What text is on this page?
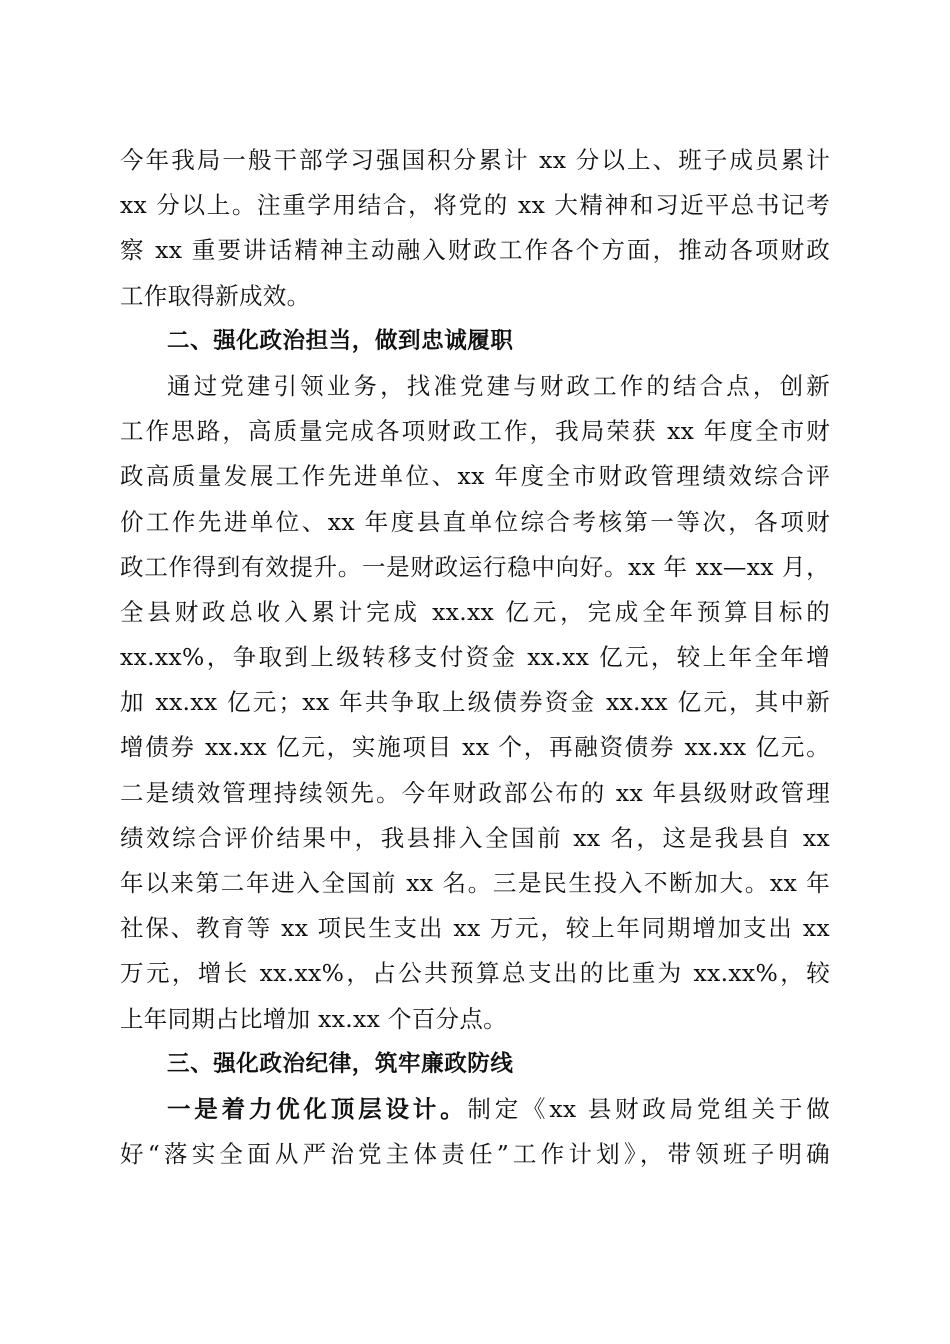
今年我局一般干部学习强国积分累计 xx 分以上、班子成员累计
xx 分以上。注重学用结合，将党的 xx 大精神和习近平总书记考
察 xx 重要讲话精神主动融入财政工作各个方面，推动各项财政
工作取得新成效。
二、强化政治担当，做到忠诚履职
通过党建引领业务，找准党建与财政工作的结合点，创新
工作思路，高质量完成各项财政工作，我局荣获 xx 年度全市财
政高质量发展工作先进单位、xx 年度全市财政管理绩效综合评
价工作先进单位、xx 年度县直单位综合考核第一等次，各项财
政工作得到有效提升。一是财政运行稳中向好。xx 年 xx—xx 月，
全县财政总收入累计完成 xx.xx 亿元，完成全年预算目标的
xx.xx%，争取到上级转移支付资金 xx.xx 亿元，较上年全年增
加 xx.xx 亿元；xx 年共争取上级债券资金 xx.xx 亿元，其中新
增债券 xx.xx 亿元，实施项目 xx 个，再融资债券 xx.xx 亿元。
二是绩效管理持续领先。今年财政部公布的 xx 年县级财政管理
绩效综合评价结果中，我县排入全国前 xx 名，这是我县自 xx
年以来第二年进入全国前 xx 名。三是民生投入不断加大。xx 年
社保、教育等 xx 项民生支出 xx 万元，较上年同期增加支出 xx
万元，增长 xx.xx%，占公共预算总支出的比重为 xx.xx%，较
上年同期占比增加 xx.xx 个百分点。
三、强化政治纪律，筑牢廉政防线
一是着力优化顶层设计。制定《xx 县财政局党组关于做
好“落实全面从严治党主体责任”工作计划》，带领班子明确
